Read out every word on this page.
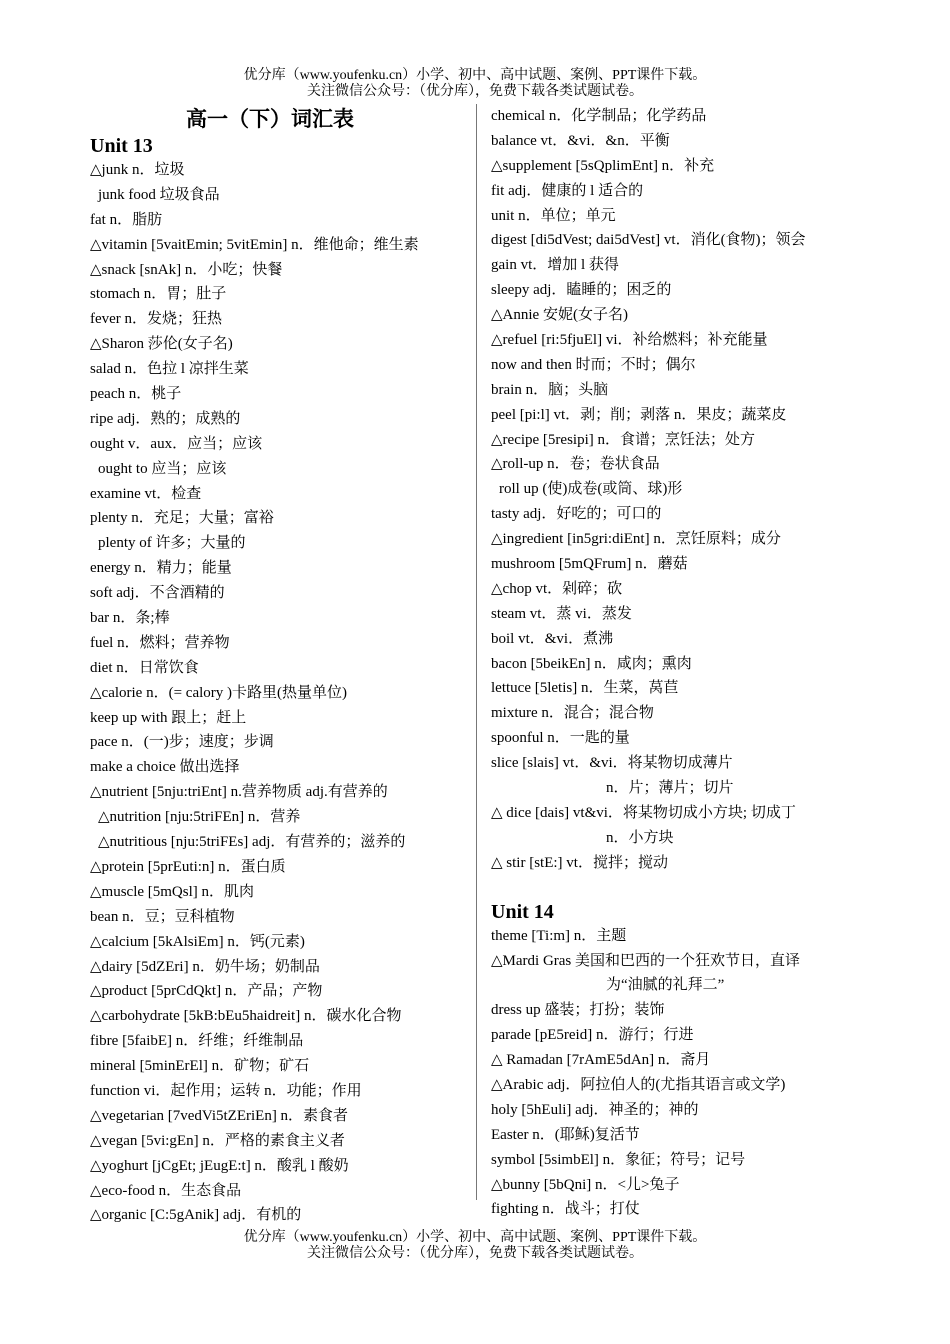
优分库（www.youfenku.cn）小学、初中、高中试题、案例、PPT课件下载。
关注微信公众号：（优分库），免费下载各类试题试卷。
高一（下）词汇表
Unit 13
△junk n．垃圾
junk food 垃圾食品
fat n．脂肪
△vitamin [5vaitEmin; 5vitEmin] n．维他命；维生素
△snack [snAk] n．小吃；快餐
stomach n．胃；肚子
fever n．发烧；狂热
△Sharon 莎伦(女子名)
salad n．色拉 l 凉拌生菜
peach n．桃子
ripe adj．熟的；成熟的
ought v．aux．应当；应该
ought to 应当；应该
examine vt．检查
plenty n．充足；大量；富裕
plenty of 许多；大量的
energy n．精力；能量
soft adj．不含酒精的
bar n．条;棒
fuel n．燃料；营养物
diet n．日常饮食
△calorie n．(= calory )卡路里(热量单位)
keep up with 跟上；赶上
pace n．(一)步；速度；步调
make a choice 做出选择
△nutrient [5nju:triEnt] n.营养物质 adj.有营养的
△nutrition [nju:5triFEn] n．营养
△nutritious [nju:5triFEs] adj．有营养的；滋养的
△protein [5prEuti:n] n．蛋白质
△muscle [5mQsl] n．肌肉
bean n．豆；豆科植物
△calcium [5kAlsiEm] n．钙(元素)
△dairy [5dZEri] n．奶牛场；奶制品
△product [5prCdQkt] n．产品；产物
△carbohydrate [5kB:bEu5haidreit] n．碳水化合物
fibre [5faibE] n．纤维；纤维制品
mineral [5minErEl] n．矿物；矿石
function vi．起作用；运转 n．功能；作用
△vegetarian [7vedVi5tZEriEn] n．素食者
△vegan [5vi:gEn] n．严格的素食主义者
△yoghurt [jCgEt; jEugE:t] n．酸乳 l 酸奶
△eco-food n．生态食品
△organic [C:5gAnik] adj．有机的
chemical n．化学制品；化学药品
balance vt．&vi．&n．平衡
△supplement [5sQplimEnt] n．补充
fit adj．健康的 l 适合的
unit n．单位；单元
digest [di5dVest; dai5dVest] vt．消化(食物)；领会
gain vt．增加 l 获得
sleepy adj．瞌睡的；困乏的
△Annie 安妮(女子名)
△refuel [ri:5fjuEl] vi．补给燃料；补充能量
now and then 时而；不时；偶尔
brain n．脑；头脑
peel [pi:l] vt．剥；削；剥落 n．果皮；蔬菜皮
△recipe [5resipi] n．食谱；烹饪法；处方
△roll-up n．卷；卷状食品
roll up (使)成卷(或筒、球)形
tasty adj．好吃的；可口的
△ingredient [in5gri:diEnt] n．烹饪原料；成分
mushroom [5mQFrum] n．蘑菇
△chop vt．剁碎；砍
steam vt．蒸 vi．蒸发
boil vt．&vi．煮沸
bacon [5beikEn] n．咸肉；熏肉
lettuce [5letis] n．生菜，莴苣
mixture n．混合；混合物
spoonful n．一匙的量
slice [slais] vt．&vi．将某物切成薄片
n．片；薄片；切片
△ dice [dais] vt&vi．将某物切成小方块; 切成丁
n．小方块
△ stir [stE:] vt．搅拌；搅动
Unit 14
theme [Ti:m] n．主题
△Mardi Gras 美国和巴西的一个狂欢节日，直译
为“油腻的礼拜二”
dress up 盛装；打扮；装饰
parade [pE5reid] n．游行；行进
△ Ramadan [7rAmE5dAn] n．斋月
△Arabic adj．阿拉伯人的(尤指其语言或文学)
holy [5hEuli] adj．神圣的；神的
Easter n．(耶稣)复活节
symbol [5simbEl] n．象征；符号；记号
△bunny [5bQni] n．<儿>兔子
fighting n．战斗；打仗
优分库（www.youfenku.cn）小学、初中、高中试题、案例、PPT课件下载。
关注微信公众号：（优分库），免费下载各类试题试卷。
